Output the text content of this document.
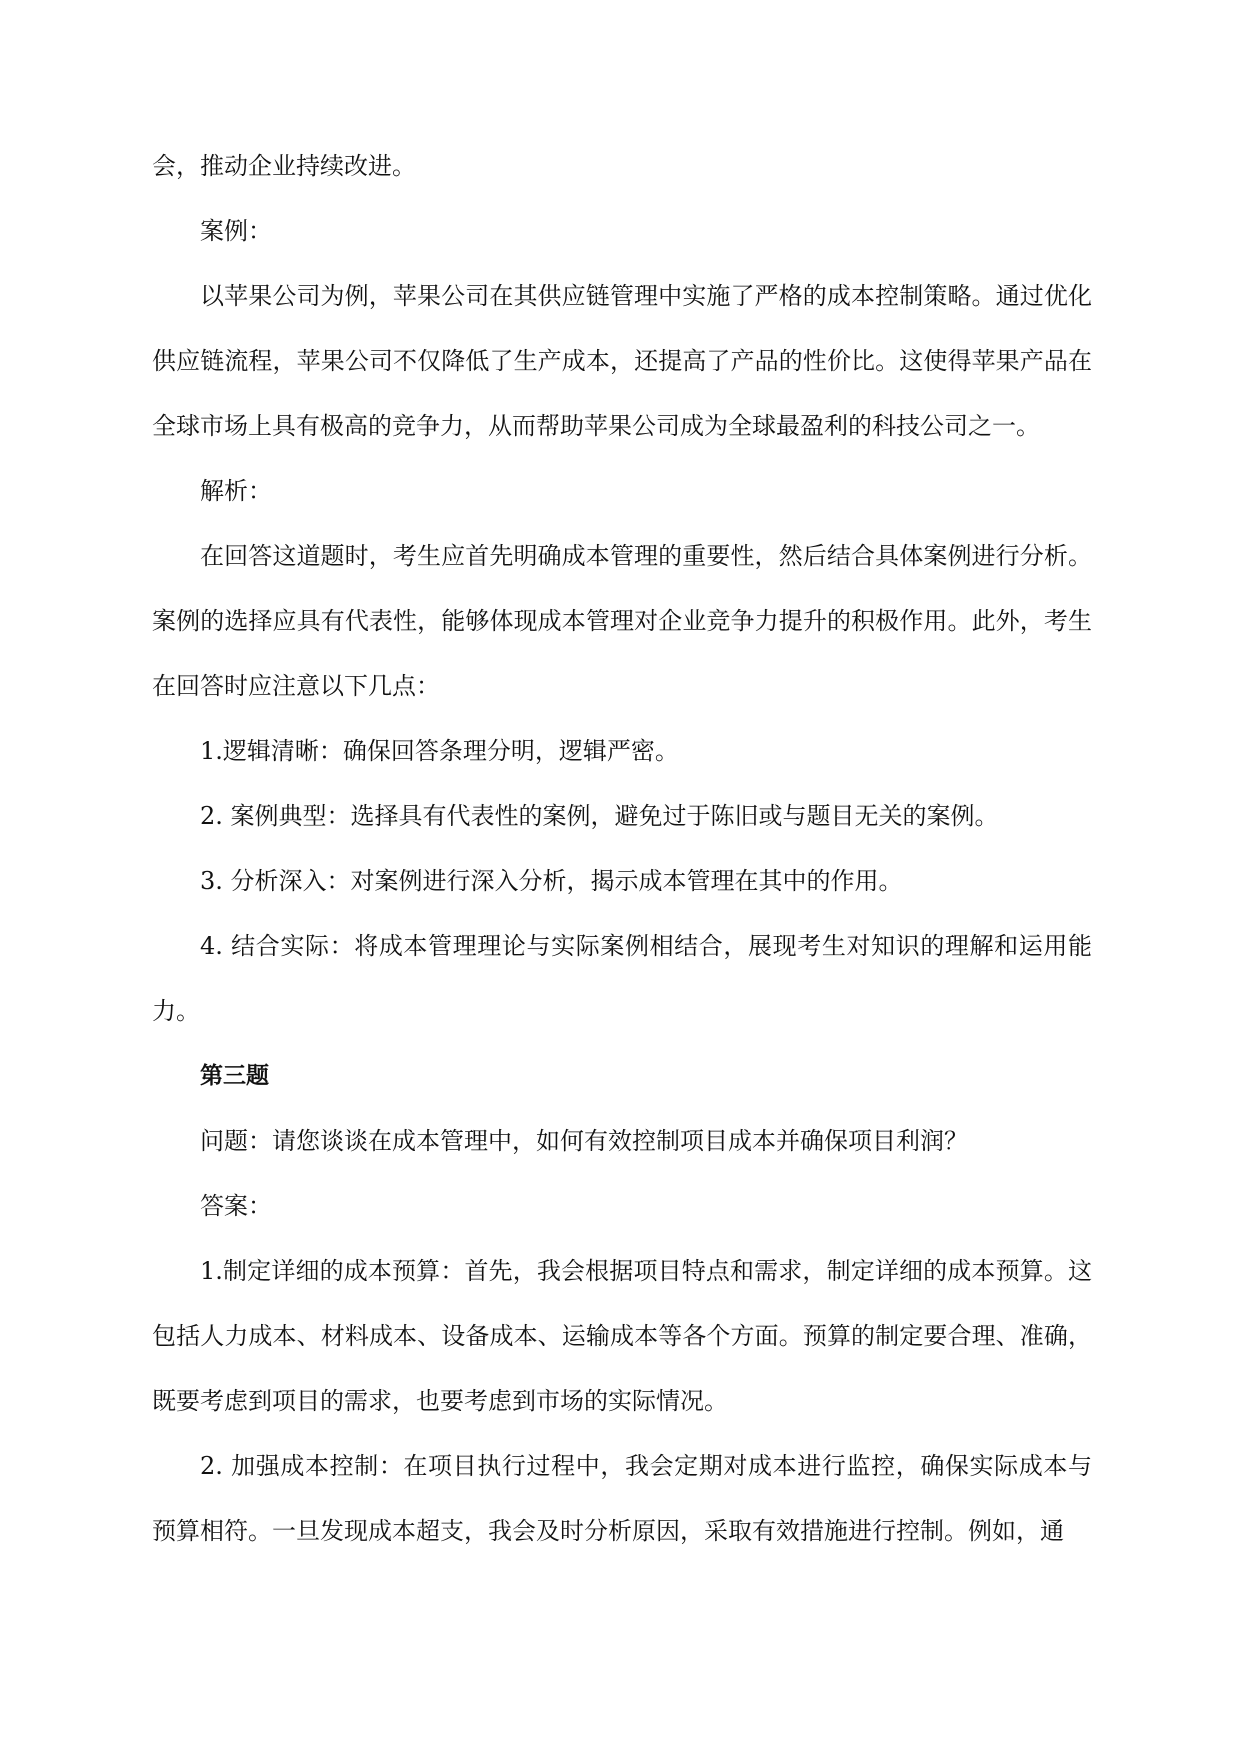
会，推动企业持续改进。

案例：

以苹果公司为例，苹果公司在其供应链管理中实施了严格的成本控制策略。通过优化供应链流程，苹果公司不仅降低了生产成本，还提高了产品的性价比。这使得苹果产品在全球市场上具有极高的竞争力，从而帮助苹果公司成为全球最盈利的科技公司之一。

解析：

在回答这道题时，考生应首先明确成本管理的重要性，然后结合具体案例进行分析。案例的选择应具有代表性，能够体现成本管理对企业竞争力提升的积极作用。此外，考生在回答时应注意以下几点：

1.逻辑清晰：确保回答条理分明，逻辑严密。

2. 案例典型：选择具有代表性的案例，避免过于陈旧或与题目无关的案例。

3. 分析深入：对案例进行深入分析，揭示成本管理在其中的作用。

4. 结合实际：将成本管理理论与实际案例相结合，展现考生对知识的理解和运用能力。

第三题

问题：请您谈谈在成本管理中，如何有效控制项目成本并确保项目利润？

答案：

1.制定详细的成本预算：首先，我会根据项目特点和需求，制定详细的成本预算。这包括人力成本、材料成本、设备成本、运输成本等各个方面。预算的制定要合理、准确，既要考虑到项目的需求，也要考虑到市场的实际情况。

2. 加强成本控制：在项目执行过程中，我会定期对成本进行监控，确保实际成本与预算相符。一旦发现成本超支，我会及时分析原因，采取有效措施进行控制。例如，通
